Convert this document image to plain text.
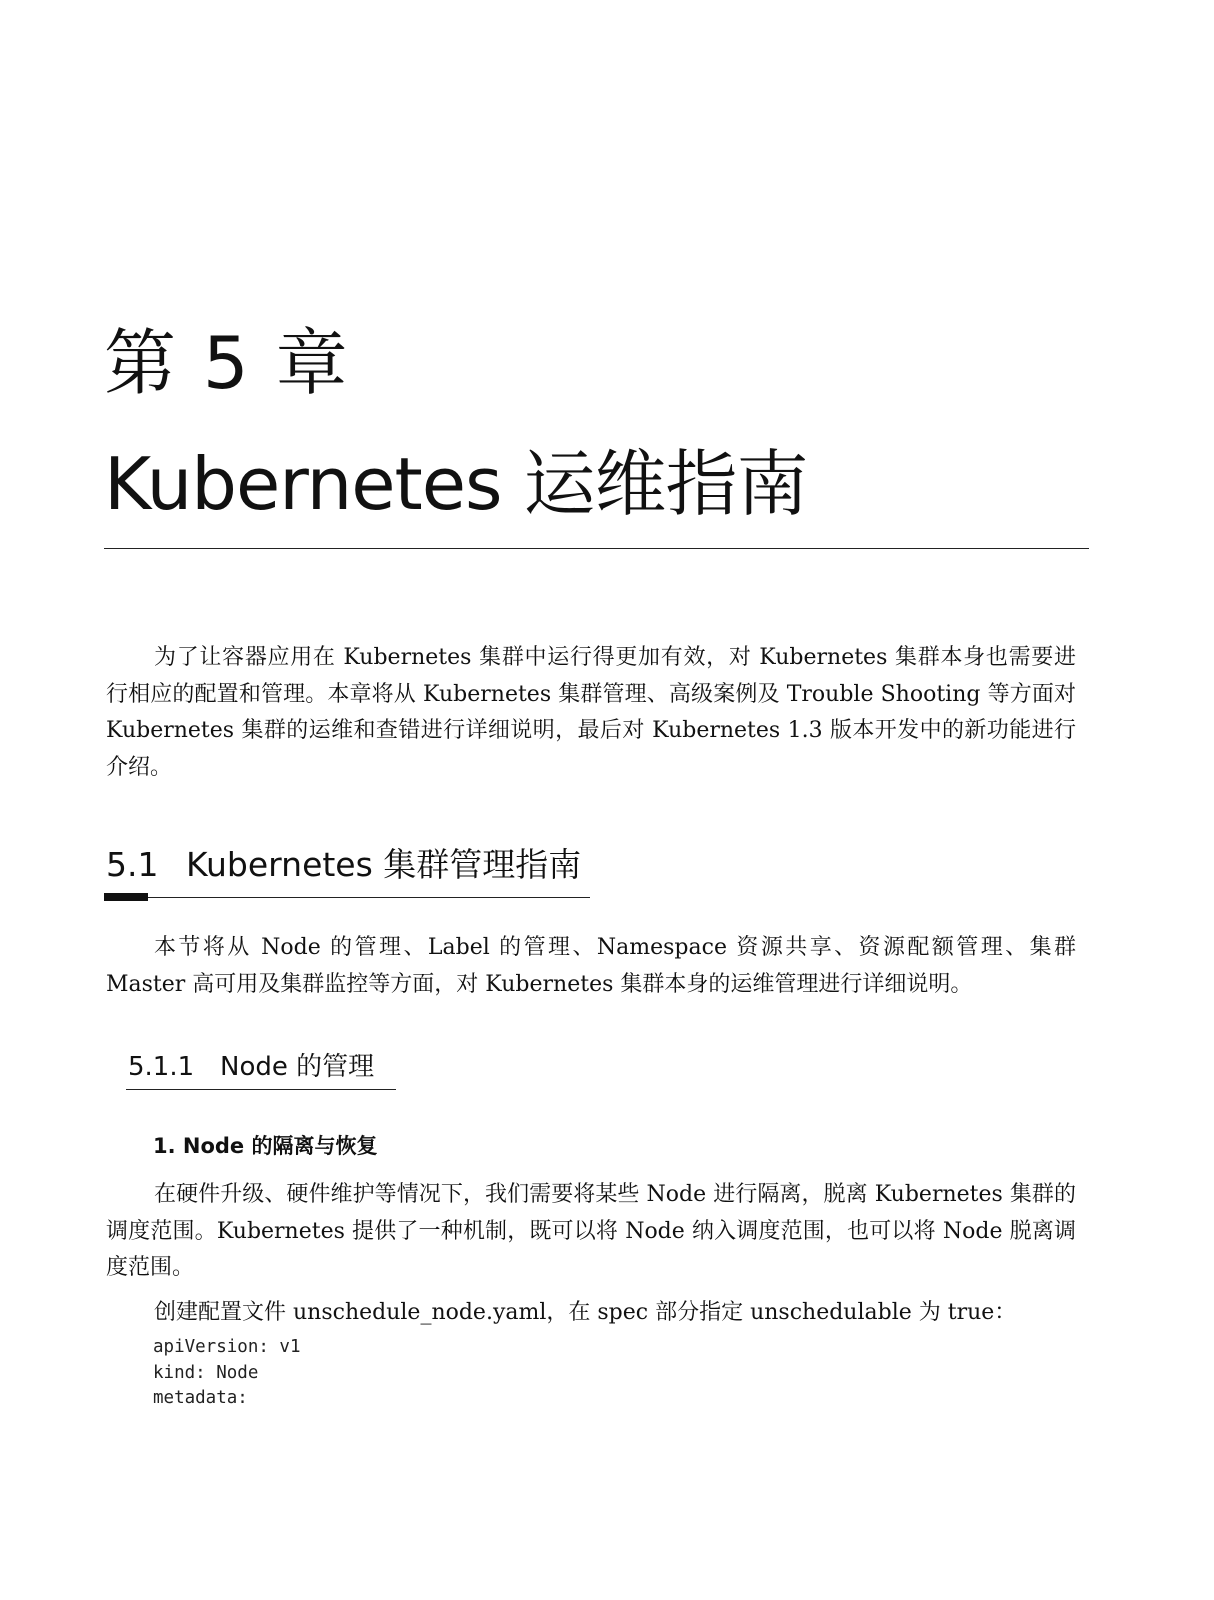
第 5 章
Kubernetes 运维指南

为了让容器应用在 Kubernetes 集群中运行得更加有效，对 Kubernetes 集群本身也需要进行相应的配置和管理。本章将从 Kubernetes 集群管理、高级案例及 Trouble Shooting 等方面对 Kubernetes 集群的运维和查错进行详细说明，最后对 Kubernetes 1.3 版本开发中的新功能进行介绍。

5.1 Kubernetes 集群管理指南

本节将从 Node 的管理、Label 的管理、Namespace 资源共享、资源配额管理、集群 Master 高可用及集群监控等方面，对 Kubernetes 集群本身的运维管理进行详细说明。

5.1.1 Node 的管理
1. Node 的隔离与恢复

在硬件升级、硬件维护等情况下，我们需要将某些 Node 进行隔离，脱离 Kubernetes 集群的调度范围。Kubernetes 提供了一种机制，既可以将 Node 纳入调度范围，也可以将 Node 脱离调度范围。

创建配置文件 unschedule_node.yaml，在 spec 部分指定 unschedulable 为 true：

apiVersion: v1
kind: Node
metadata:
